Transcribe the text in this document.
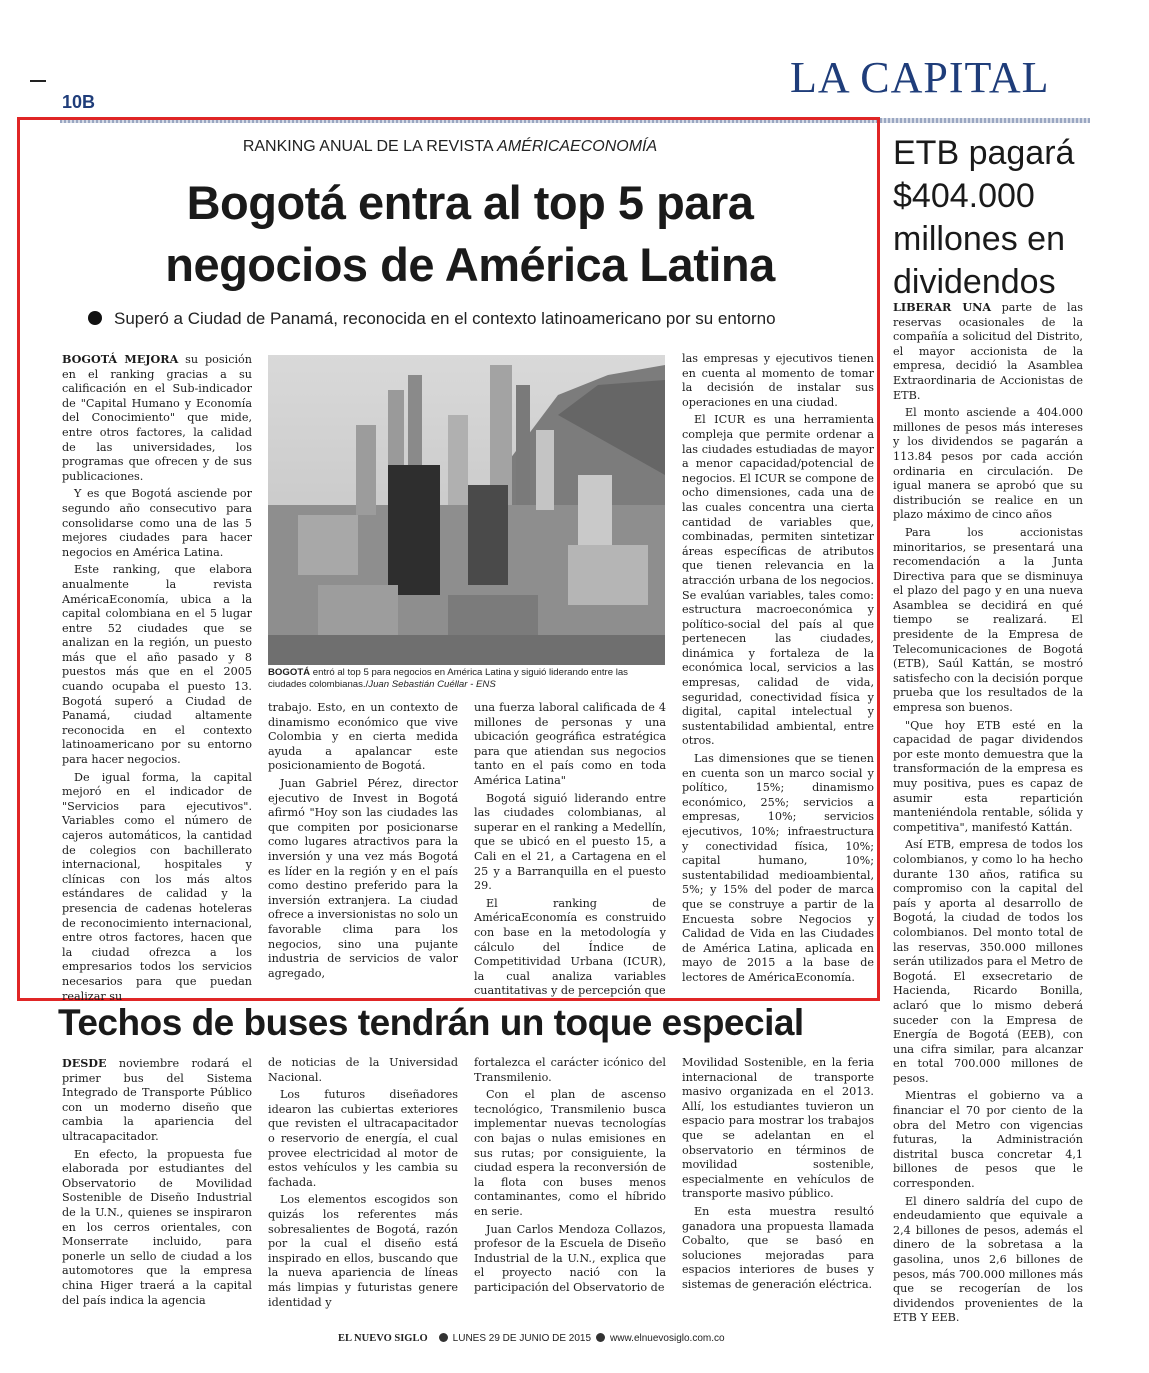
10B	LA CAPITAL
RANKING ANUAL DE LA REVISTA AMÉRICAECONOMÍA
Bogotá entra al top 5 para
negocios de América Latina
Superó a Ciudad de Panamá, reconocida en el contexto latinoamericano por su entorno

BOGOTÁ MEJORA su posición en el ranking gracias a su calificación en el Sub-indicador de "Capital Humano y Economía del Conocimiento" que mide, entre otros factores, la calidad de las universidades, los programas que ofrecen y de sus publicaciones.

Y es que Bogotá asciende por segundo año consecutivo para consolidarse como una de las 5 mejores ciudades para hacer negocios en América Latina.

Este ranking, que elabora anualmente la revista AméricaEconomía, ubica a la capital colombiana en el 5 lugar entre 52 ciudades que se analizan en la región, un puesto más que el año pasado y 8 puestos más que en el 2005 cuando ocupaba el puesto 13. Bogotá superó a Ciudad de Panamá, ciudad altamente reconocida en el contexto latinoamericano por su entorno para hacer negocios.

De igual forma, la capital mejoró en el indicador de "Servicios para ejecutivos". Variables como el número de cajeros automáticos, la cantidad de colegios con bachillerato internacional, hospitales y clínicas con los más altos estándares de calidad y la presencia de cadenas hoteleras de reconocimiento internacional, entre otros factores, hacen que la ciudad ofrezca a los empresarios todos los servicios necesarios para que puedan realizar su

BOGOTÁ entró al top 5 para negocios en América Latina y siguió liderando entre las ciudades colombianas./Juan Sebastián Cuéllar - ENS

trabajo. Esto, en un contexto de dinamismo económico que vive Colombia y en cierta medida ayuda a apalancar este posicionamiento de Bogotá.

Juan Gabriel Pérez, director ejecutivo de Invest in Bogotá afirmó "Hoy son las ciudades las que compiten por posicionarse como lugares atractivos para la inversión y una vez más Bogotá es líder en la región y en el país como destino preferido para la inversión extranjera. La ciudad ofrece a inversionistas no solo un favorable clima para los negocios, sino una pujante industria de servicios de valor agregado,

una fuerza laboral calificada de 4 millones de personas y una ubicación geográfica estratégica para que atiendan sus negocios tanto en el país como en toda América Latina"

Bogotá siguió liderando entre las ciudades colombianas, al superar en el ranking a Medellín, que se ubicó en el puesto 15, a Cali en el 21, a Cartagena en el 25 y a Barranquilla en el puesto 29.

El ranking de AméricaEconomía es construido con base en la metodología y cálculo del Índice de Competitividad Urbana (ICUR), la cual analiza variables cuantitativas y de percepción que

las empresas y ejecutivos tienen en cuenta al momento de tomar la decisión de instalar sus operaciones en una ciudad.

El ICUR es una herramienta compleja que permite ordenar a las ciudades estudiadas de mayor a menor capacidad/potencial de negocios. El ICUR se compone de ocho dimensiones, cada una de las cuales concentra una cierta cantidad de variables que, combinadas, permiten sintetizar áreas específicas de atributos que tienen relevancia en la atracción urbana de los negocios. Se evalúan variables, tales como: estructura macroeconómica y político-social del país al que pertenecen las ciudades, dinámica y fortaleza de la económica local, servicios a las empresas, calidad de vida, seguridad, conectividad física y digital, capital intelectual y sustentabilidad ambiental, entre otros.

Las dimensiones que se tienen en cuenta son un marco social y político, 15%; dinamismo económico, 25%; servicios a empresas, 10%; servicios ejecutivos, 10%; infraestructura y conectividad física, 10%; capital humano, 10%; sustentabilidad medioambiental, 5%; y 15% del poder de marca que se construye a partir de la Encuesta sobre Negocios y Calidad de Vida en las Ciudades de América Latina, aplicada en mayo de 2015 a la base de lectores de AméricaEconomía.

ETB pagará $404.000 millones en dividendos

LIBERAR UNA parte de las reservas ocasionales de la compañía a solicitud del Distrito, el mayor accionista de la empresa, decidió la Asamblea Extraordinaria de Accionistas de ETB.

El monto asciende a 404.000 millones de pesos más intereses y los dividendos se pagarán a 113.84 pesos por cada acción ordinaria en circulación. De igual manera se aprobó que su distribución se realice en un plazo máximo de cinco años

Para los accionistas minoritarios, se presentará una recomendación a la Junta Directiva para que se disminuya el plazo del pago y en una nueva Asamblea se decidirá en qué tiempo se realizará. El presidente de la Empresa de Telecomunicaciones de Bogotá (ETB), Saúl Kattán, se mostró satisfecho con la decisión porque prueba que los resultados de la empresa son buenos.

"Que hoy ETB esté en la capacidad de pagar dividendos por este monto demuestra que la transformación de la empresa es muy positiva, pues es capaz de asumir esta repartición manteniéndola rentable, sólida y competitiva", manifestó Kattán.

Así ETB, empresa de todos los colombianos, y como lo ha hecho durante 130 años, ratifica su compromiso con la capital del país y aporta al desarrollo de Bogotá, la ciudad de todos los colombianos. Del monto total de las reservas, 350.000 millones serán utilizados para el Metro de Bogotá. El exsecretario de Hacienda, Ricardo Bonilla, aclaró que lo mismo deberá suceder con la Empresa de Energía de Bogotá (EEB), con una cifra similar, para alcanzar en total 700.000 millones de pesos.

Mientras el gobierno va a financiar el 70 por ciento de la obra del Metro con vigencias futuras, la Administración distrital busca concretar 4,1 billones de pesos que le corresponden.

El dinero saldría del cupo de endeudamiento que equivale a 2,4 billones de pesos, además el dinero de la sobretasa a la gasolina, unos 2,6 billones de pesos, más 700.000 millones más que se recogerían de los dividendos provenientes de la ETB Y EEB.

Techos de buses tendrán un toque especial

DESDE noviembre rodará el primer bus del Sistema Integrado de Transporte Público con un moderno diseño que cambia la apariencia del ultracapacitador.

En efecto, la propuesta fue elaborada por estudiantes del Observatorio de Movilidad Sostenible de Diseño Industrial de la U.N., quienes se inspiraron en los cerros orientales, con Monserrate incluido, para ponerle un sello de ciudad a los automotores que la empresa china Higer traerá a la capital del país indica la agencia

de noticias de la Universidad Nacional.

Los futuros diseñadores idearon las cubiertas exteriores que revisten el ultracapacitador o reservorio de energía, el cual provee electricidad al motor de estos vehículos y les cambia su fachada.

Los elementos escogidos son quizás los referentes más sobresalientes de Bogotá, razón por la cual el diseño está inspirado en ellos, buscando que la nueva apariencia de líneas más limpias y futuristas genere identidad y

fortalezca el carácter icónico del Transmilenio.

Con el plan de ascenso tecnológico, Transmilenio busca implementar nuevas tecnologías con bajas o nulas emisiones en sus rutas; por consiguiente, la ciudad espera la reconversión de la flota con buses menos contaminantes, como el híbrido en serie.

Juan Carlos Mendoza Collazos, profesor de la Escuela de Diseño Industrial de la U.N., explica que el proyecto nació con la participación del Observatorio de

Movilidad Sostenible, en la feria internacional de transporte masivo organizada en el 2013. Allí, los estudiantes tuvieron un espacio para mostrar los trabajos que se adelantan en el observatorio en términos de movilidad sostenible, especialmente en vehículos de transporte masivo público.

En esta muestra resultó ganadora una propuesta llamada Cobalto, que se basó en soluciones mejoradas para espacios interiores de buses y sistemas de generación eléctrica.

EL NUEVO SIGLO	LUNES 29 DE JUNIO DE 2015 www.elnuevosiglo.com.co
